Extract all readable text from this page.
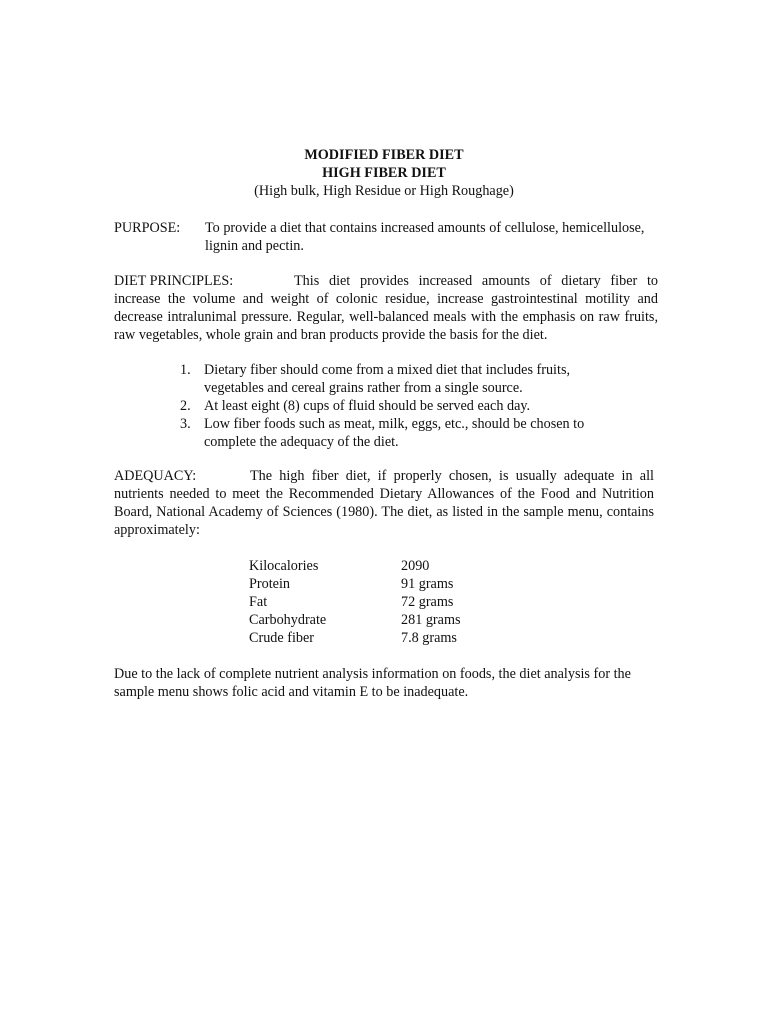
MODIFIED FIBER DIET
HIGH FIBER DIET
(High bulk, High Residue or High Roughage)
PURPOSE: To provide a diet that contains increased amounts of cellulose, hemicellulose, lignin and pectin.
DIET PRINCIPLES:	This diet provides increased amounts of dietary fiber to increase the volume and weight of colonic residue, increase gastrointestinal motility and decrease intralunimal pressure. Regular, well-balanced meals with the emphasis on raw fruits, raw vegetables, whole grain and bran products provide the basis for the diet.
1. Dietary fiber should come from a mixed diet that includes fruits, vegetables and cereal grains rather from a single source.
2. At least eight (8) cups of fluid should be served each day.
3. Low fiber foods such as meat, milk, eggs, etc., should be chosen to complete the adequacy of the diet.
ADEQUACY:	The high fiber diet, if properly chosen, is usually adequate in all nutrients needed to meet the Recommended Dietary Allowances of the Food and Nutrition Board, National Academy of Sciences (1980). The diet, as listed in the sample menu, contains approximately:
Kilocalories	2090
Protein	91 grams
Fat	72 grams
Carbohydrate	281 grams
Crude fiber	7.8 grams
Due to the lack of complete nutrient analysis information on foods, the diet analysis for the sample menu shows folic acid and vitamin E to be inadequate.
